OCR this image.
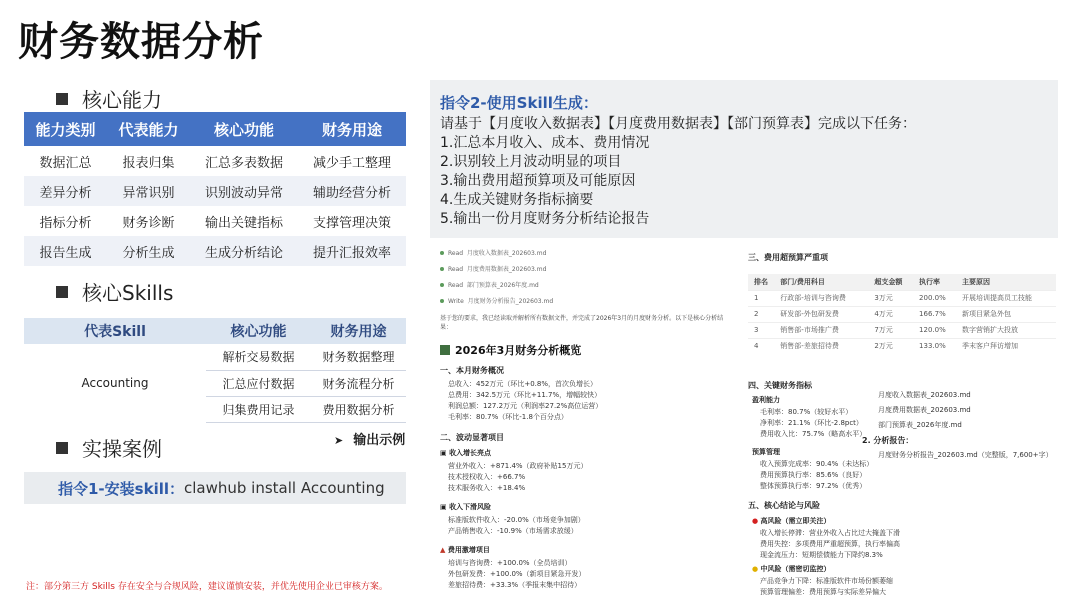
财务数据分析
核心能力
能力类别	代表能力	核心功能	财务用途
数据汇总	报表归集	汇总多表数据	减少手工整理
差异分析	异常识别	识别波动异常	辅助经营分析
指标分析	财务诊断	输出关键指标	支撑管理决策
报告生成	分析生成	生成分析结论	提升汇报效率
核心Skills
代表Skill	核心功能	财务用途
Accounting	解析交易数据	财务数据整理
	汇总应付数据	财务流程分析
	归集费用记录	费用数据分析
实操案例	➤ 输出示例
指令1-安装skill： clawhub install Accounting
注：部分第三方 Skills 存在安全与合规风险，建议谨慎安装，并优先使用企业已审核方案。
指令2-使用Skill生成：
请基于【月度收入数据表】【月度费用数据表】【部门预算表】完成以下任务：
1.汇总本月收入、成本、费用情况
2.识别较上月波动明显的项目
3.输出费用超预算项及可能原因
4.生成关键财务指标摘要
5.输出一份月度财务分析结论报告
Read 月度收入数据表_202603.md
Read 月度费用数据表_202603.md
Read 部门预算表_2026年度.md
Write 月度财务分析报告_202603.md
基于您的要求，我已经读取并解析所有数据文件，并完成了2026年3月的月度财务分析。以下是核心分析结果：
2026年3月财务分析概览
一、本月财务概况
总收入：452万元（环比+0.8%，首次负增长）
总费用：342.5万元（环比+11.7%，增幅较快）
利润总额：127.2万元（利润率27.2%高位运营）
毛利率：80.7%（环比-1.8个百分点）
二、波动显著项目
▣ 收入增长亮点
营业外收入：+871.4%（政府补贴15万元）
技术授权收入：+66.7%
技术服务收入：+18.4%
▣ 收入下滑风险
标准版软件收入：-20.0%（市场竞争加剧）
产品销售收入：-10.9%（市场需求放缓）
▲ 费用激增项目
培训与咨询费：+100.0%（全员培训）
外包研发费：+100.0%（新项目紧急开发）
差旅招待费：+33.3%（季报末集中招待）
三、费用超预算严重项
排名	部门/费用科目	超支金额	执行率	主要原因
1	行政部-培训与咨询费	3万元	200.0%	开展培训提高员工技能
2	研发部-外包研发费	4万元	166.7%	新项目紧急外包
3	销售部-市场推广费	7万元	120.0%	数字营销扩大投放
4	销售部-差旅招待费	2万元	133.0%	季末客户拜访增加
四、关键财务指标
盈利能力
毛利率：80.7%（较好水平）
净利率：21.1%（环比-2.8pct）
费用收入比：75.7%（略高水平）
预算管理
收入预算完成率：90.4%（未达标）
费用预算执行率：85.6%（良好）
整体预算执行率：97.2%（优秀）
月度收入数据表_202603.md
月度费用数据表_202603.md
部门预算表_2026年度.md
2. 分析报告：
月度财务分析报告_202603.md（完整版，7,600+字）
五、核心结论与风险
● 高风险（需立即关注）
收入增长停滞：营业外收入占比过大掩盖下滑
费用失控：多项费用严重超预算，执行率偏高
现金流压力：短期偿债能力下降约8.3%
● 中风险（需密切监控）
产品竞争力下降：标准版软件市场份额萎缩
预算管理偏差：费用预算与实际差异偏大
